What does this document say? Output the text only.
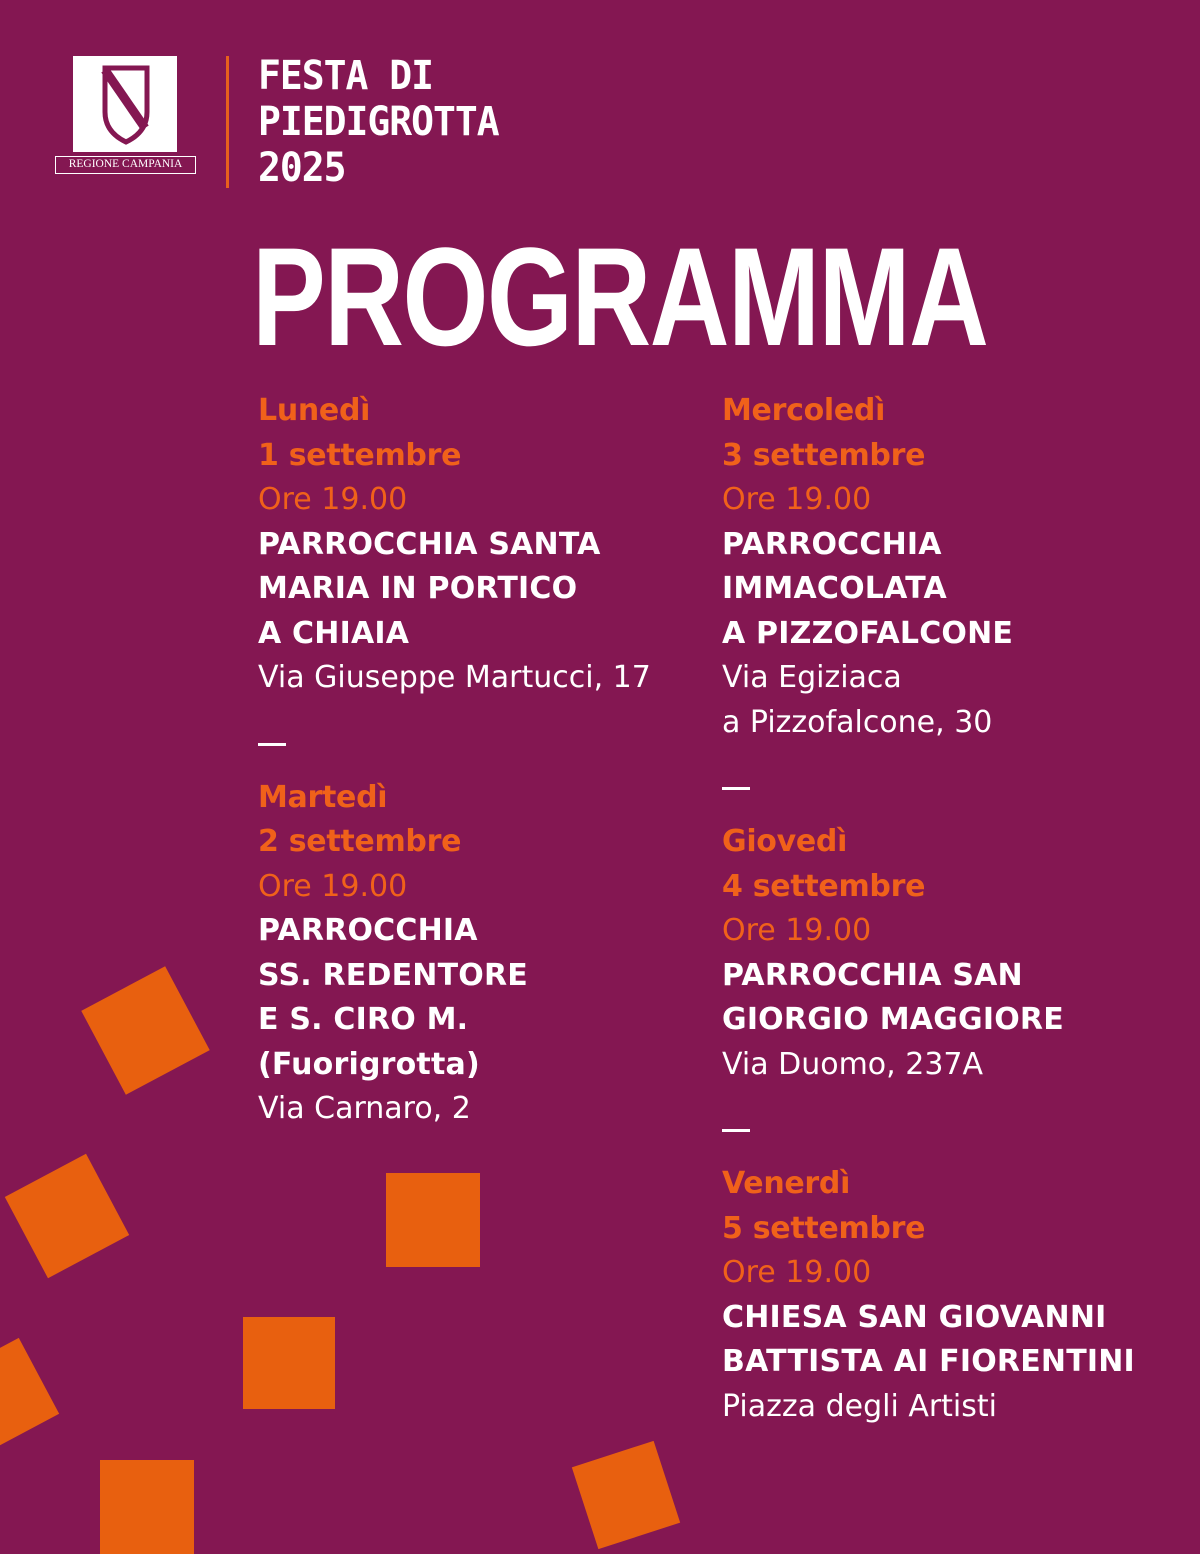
REGIONE CAMPANIA
FESTA DI
PIEDIGROTTA
2025
PROGRAMMA
Lunedì
1 settembre
Ore 19.00
PARROCCHIA SANTA
MARIA IN PORTICO
A CHIAIA
Via Giuseppe Martucci, 17
Martedì
2 settembre
Ore 19.00
PARROCCHIA
SS. REDENTORE
E S. CIRO M.
(Fuorigrotta)
Via Carnaro, 2
Mercoledì
3 settembre
Ore 19.00
PARROCCHIA
IMMACOLATA
A PIZZOFALCONE
Via Egiziaca
a Pizzofalcone, 30
Giovedì
4 settembre
Ore 19.00
PARROCCHIA SAN
GIORGIO MAGGIORE
Via Duomo, 237A
Venerdì
5 settembre
Ore 19.00
CHIESA SAN GIOVANNI
BATTISTA AI FIORENTINI
Piazza degli Artisti
